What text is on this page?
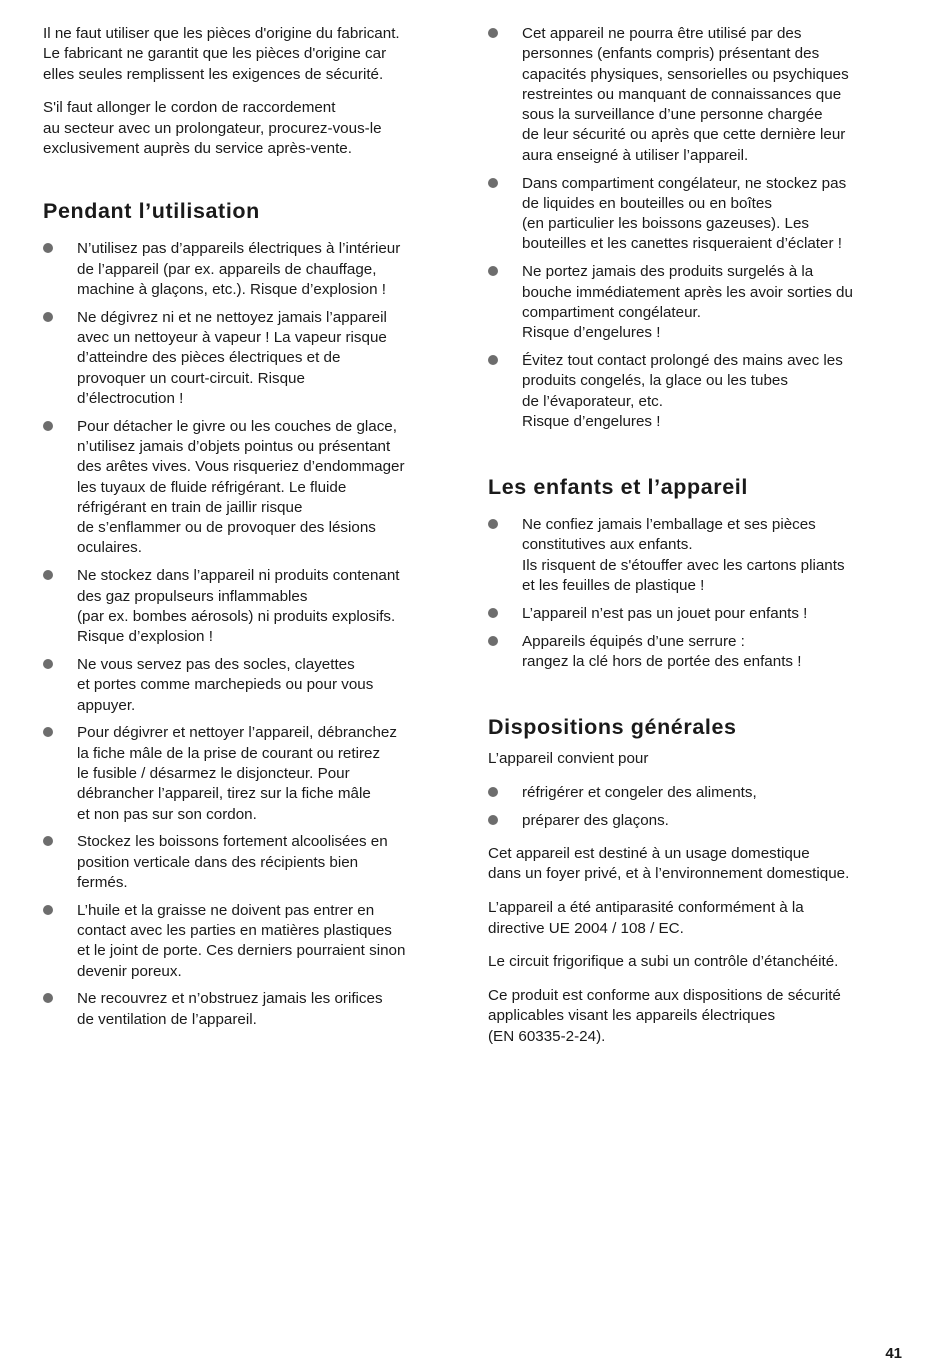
Il ne faut utiliser que les pièces d'origine du fabricant.
Le fabricant ne garantit que les pièces d'origine car
elles seules remplissent les exigences de sécurité.

S'il faut allonger le cordon de raccordement
au secteur avec un prolongateur, procurez-vous-le
exclusivement auprès du service après-vente.

Pendant l’utilisation
N’utilisez pas d’appareils électriques à l’intérieur
de l’appareil (par ex. appareils de chauffage,
machine à glaçons, etc.). Risque d’explosion !
Ne dégivrez ni et ne nettoyez jamais l’appareil
avec un nettoyeur à vapeur ! La vapeur risque
d’atteindre des pièces électriques et de
provoquer un court-circuit. Risque
d’électrocution !
Pour détacher le givre ou les couches de glace,
n’utilisez jamais d’objets pointus ou présentant
des arêtes vives. Vous risqueriez d’endommager
les tuyaux de fluide réfrigérant. Le fluide
réfrigérant en train de jaillir risque
de s’enflammer ou de provoquer des lésions
oculaires.
Ne stockez dans l’appareil ni produits contenant
des gaz propulseurs inflammables
(par ex. bombes aérosols) ni produits explosifs.
Risque d’explosion !
Ne vous servez pas des socles, clayettes
et portes comme marchepieds ou pour vous
appuyer.
Pour dégivrer et nettoyer l’appareil, débranchez
la fiche mâle de la prise de courant ou retirez
le fusible / désarmez le disjoncteur. Pour
débrancher l’appareil, tirez sur la fiche mâle
et non pas sur son cordon.
Stockez les boissons fortement alcoolisées en
position verticale dans des récipients bien
fermés.
L’huile et la graisse ne doivent pas entrer en
contact avec les parties en matières plastiques
et le joint de porte. Ces derniers pourraient sinon
devenir poreux.
Ne recouvrez et n’obstruez jamais les orifices
de ventilation de l’appareil.
Cet appareil ne pourra être utilisé par des
personnes (enfants compris) présentant des
capacités physiques, sensorielles ou psychiques
restreintes ou manquant de connaissances que
sous la surveillance d’une personne chargée
de leur sécurité ou après que cette dernière leur
aura enseigné à utiliser l’appareil.
Dans compartiment congélateur, ne stockez pas
de liquides en bouteilles ou en boîtes
(en particulier les boissons gazeuses). Les
bouteilles et les canettes risqueraient d’éclater !
Ne portez jamais des produits surgelés à la
bouche immédiatement après les avoir sorties du
compartiment congélateur.
Risque d’engelures !
Évitez tout contact prolongé des mains avec les
produits congelés, la glace ou les tubes
de l’évaporateur, etc.
Risque d’engelures !
Les enfants et l’appareil
Ne confiez jamais l’emballage et ses pièces
constitutives aux enfants.
Ils risquent de s'étouffer avec les cartons pliants
et les feuilles de plastique !
L’appareil n’est pas un jouet pour enfants !
Appareils équipés d’une serrure :
rangez la clé hors de portée des enfants !
Dispositions générales

L’appareil convient pour

réfrigérer et congeler des aliments,
préparer des glaçons.

Cet appareil est destiné à un usage domestique
dans un foyer privé, et à l’environnement domestique.

L’appareil a été antiparasité conformément à la
directive UE 2004 / 108 / EC.

Le circuit frigorifique a subi un contrôle d’étanchéité.

Ce produit est conforme aux dispositions de sécurité
applicables visant les appareils électriques
(EN 60335-2-24).

41
